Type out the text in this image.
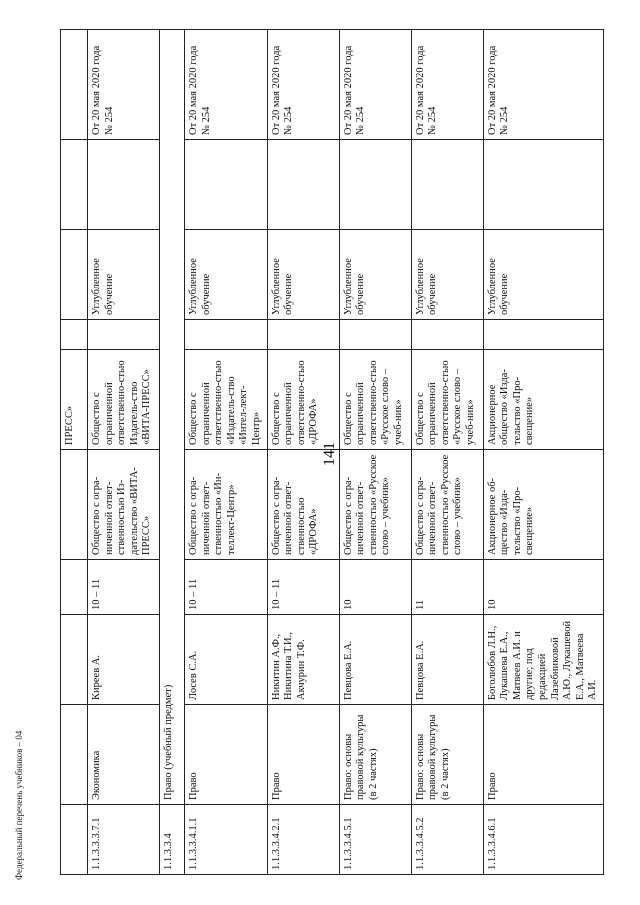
141
Федеральный перечень учебников – 04
					ПРЕСС»				
1.1.3.3.3.7.1	Экономика	Киреев А.	10 – 11	Общество с огра-ниченной ответ-ственностью Из-дательство «ВИТА-ПРЕСС»	Общество с ограниченной ответственно-стью Издатель-ство «ВИТА-ПРЕСС»		Углубленное обучение		От 20 мая 2020 года № 254
1.1.3.3.4	Право (учебный предмет)								
1.1.3.3.4.1.1	Право	Лосев С.А.	10 – 11	Общество с огра-ниченной ответ-ственностью «Ин-теллект-Центр»	Общество с ограниченной ответственно-стью «Издатель-ство «Интел-лект-Центр»		Углубленное обучение		От 20 мая 2020 года № 254
1.1.3.3.4.2.1	Право	Никитин А.Ф., Никитина Т.И., Акчурин Т.Ф.	10 – 11	Общество с огра-ниченной ответ-ственностью «ДРОФА»	Общество с ограниченной ответственно-стью «ДРОФА»		Углубленное обучение		От 20 мая 2020 года № 254
1.1.3.3.4.5.1	Право: основы правовой культуры (в 2 частях)	Певцова Е.А.	10	Общество с огра-ниченной ответ-ственностью «Русское слово – учебник»	Общество с ограниченной ответственно-стью «Русское слово – учеб-ник»		Углубленное обучение		От 20 мая 2020 года № 254
1.1.3.3.4.5.2	Право: основы правовой культуры (в 2 частях)	Певцова Е.А.	11	Общество с огра-ниченной ответ-ственностью «Русское слово – учебник»	Общество с ограниченной ответственно-стью «Русское слово – учеб-ник»		Углубленное обучение		От 20 мая 2020 года № 254
1.1.3.3.4.6.1	Право	Боголюбов Л.Н., Лукашева Е.А., Матвеев А.И. и другие; под редакцией Лазебниковой А.Ю., Лукашевой Е.А., Матвеева А.И.	10	Акционерное об-щество «Изда-тельство «Про-свещение»	Акционерное общество «Изда-тельство «Про-свещение»		Углубленное обучение		От 20 мая 2020 года № 254
